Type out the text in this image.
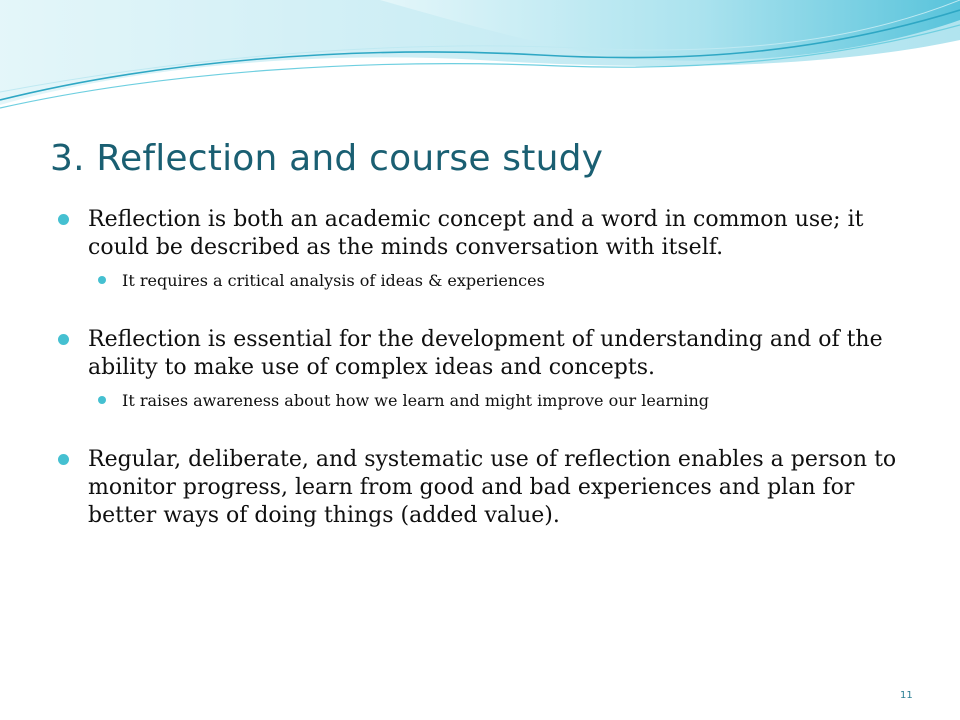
3. Reflection and course study
Reflection is both an academic concept and a word in common use; it could be described as the minds conversation with itself.
It requires a critical analysis of ideas & experiences
Reflection is essential for the development of understanding and of the ability to make use of complex ideas and concepts.
It raises awareness about how we learn and might improve our learning
Regular, deliberate, and systematic use of reflection enables a person to monitor progress, learn from good and bad experiences and plan for better ways of doing things (added value).
11
